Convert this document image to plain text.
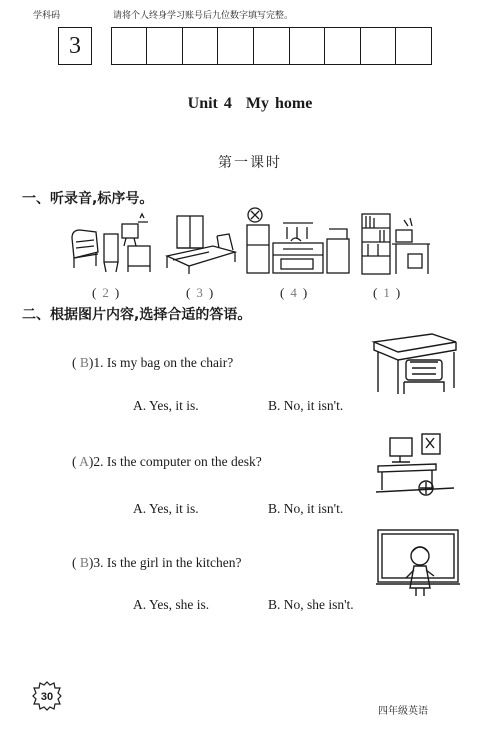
学科码	请将个人终身学习账号后九位数字填写完整。
3
Unit 4 My home
第一课时
一、听录音,标序号。
(2)	(3)	(4)	(1)
二、根据图片内容,选择合适的答语。
( B)1. Is my bag on the chair?
A. Yes, it is.	B. No, it isn't.
( A)2. Is the computer on the desk?
A. Yes, it is.	B. No, it isn't.
( B)3. Is the girl in the kitchen?
A. Yes, she is.	B. No, she isn't.
30
四年级英语
